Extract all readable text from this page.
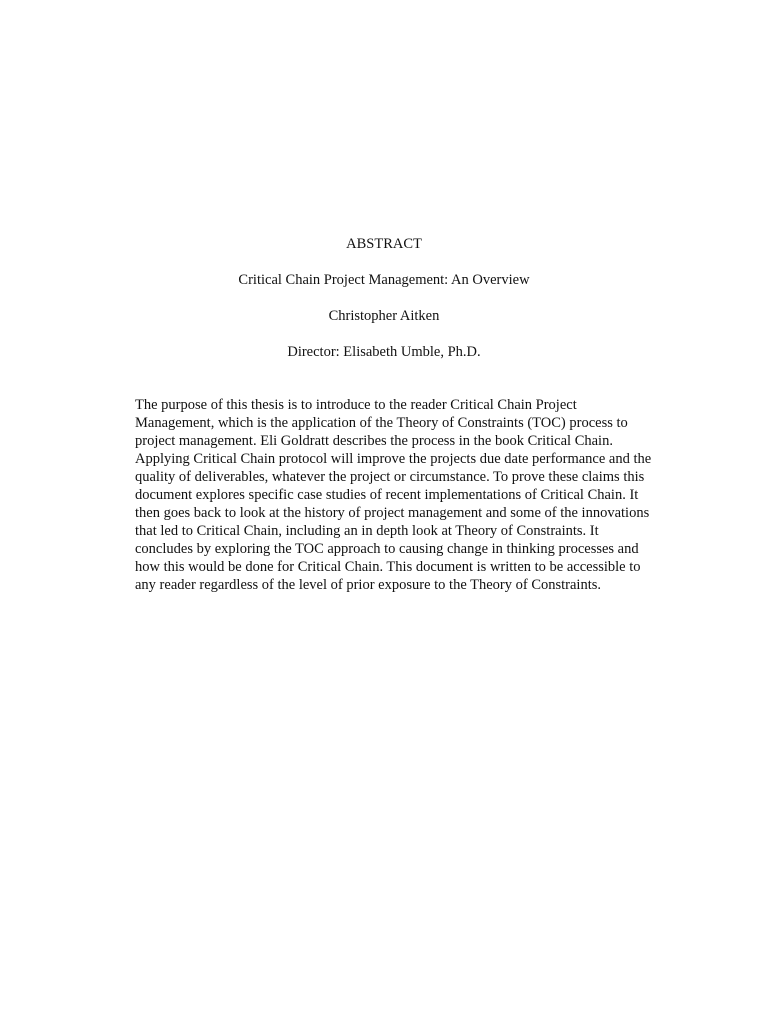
ABSTRACT
Critical Chain Project Management: An Overview
Christopher Aitken
Director: Elisabeth Umble, Ph.D.

The purpose of this thesis is to introduce to the reader Critical Chain Project
Management, which is the application of the Theory of Constraints (TOC) process to
project management. Eli Goldratt describes the process in the book Critical Chain.
Applying Critical Chain protocol will improve the projects due date performance and the
quality of deliverables, whatever the project or circumstance. To prove these claims this
document explores specific case studies of recent implementations of Critical Chain. It
then goes back to look at the history of project management and some of the innovations
that led to Critical Chain, including an in depth look at Theory of Constraints. It
concludes by exploring the TOC approach to causing change in thinking processes and
how this would be done for Critical Chain. This document is written to be accessible to
any reader regardless of the level of prior exposure to the Theory of Constraints.
